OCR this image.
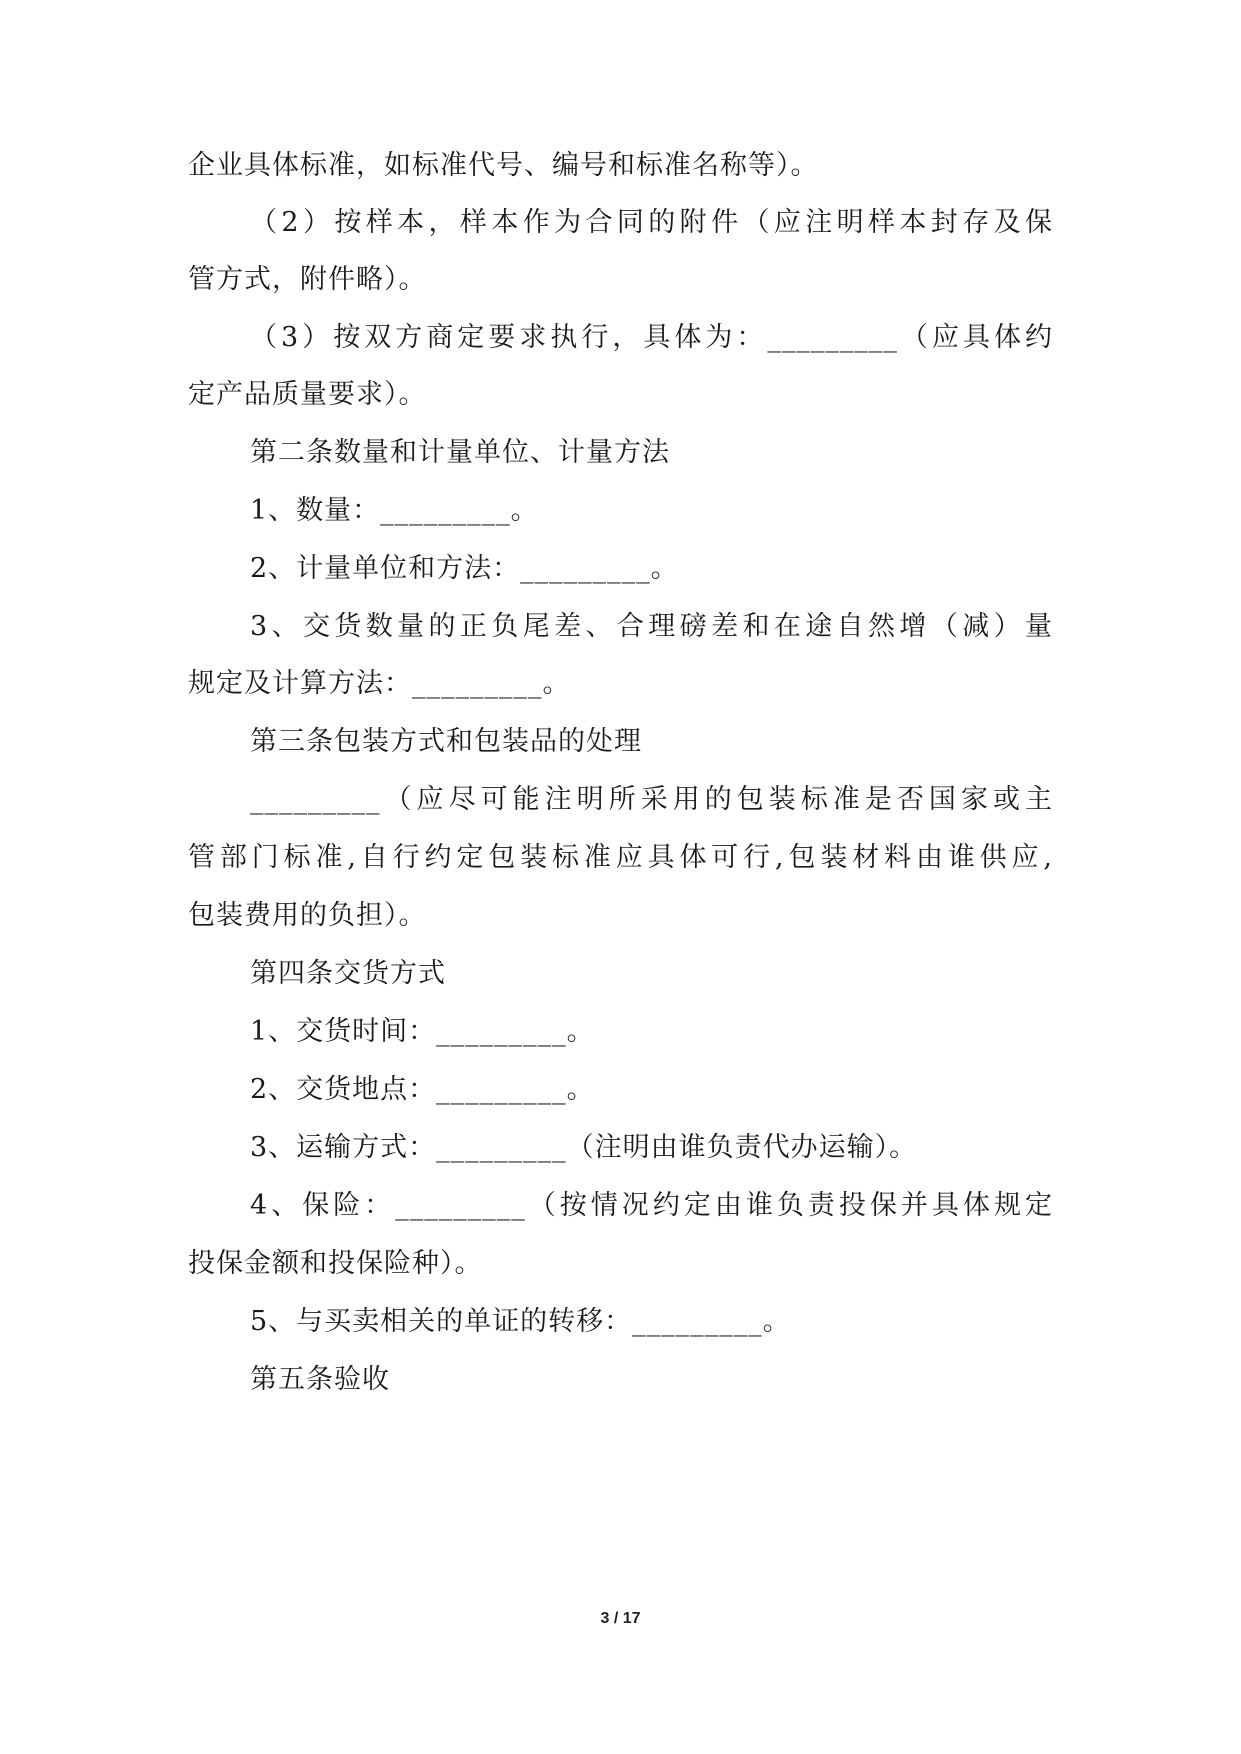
企业具体标准，如标准代号、编号和标准名称等）。
（2）按样本，样本作为合同的附件（应注明样本封存及保
管方式，附件略）。
（3）按双方商定要求执行，具体为：_________（应具体约
定产品质量要求）。
第二条数量和计量单位、计量方法
1、数量：_________。
2、计量单位和方法：_________。
3、交货数量的正负尾差、合理磅差和在途自然增（减）量
规定及计算方法：_________。
第三条包装方式和包装品的处理
_________（应尽可能注明所采用的包装标准是否国家或主
管部门标准,自行约定包装标准应具体可行,包装材料由谁供应,
包装费用的负担）。
第四条交货方式
1、交货时间：_________。
2、交货地点：_________。
3、运输方式：_________（注明由谁负责代办运输）。
4、保险：_________（按情况约定由谁负责投保并具体规定
投保金额和投保险种）。
5、与买卖相关的单证的转移：_________。
第五条验收
3 / 17
